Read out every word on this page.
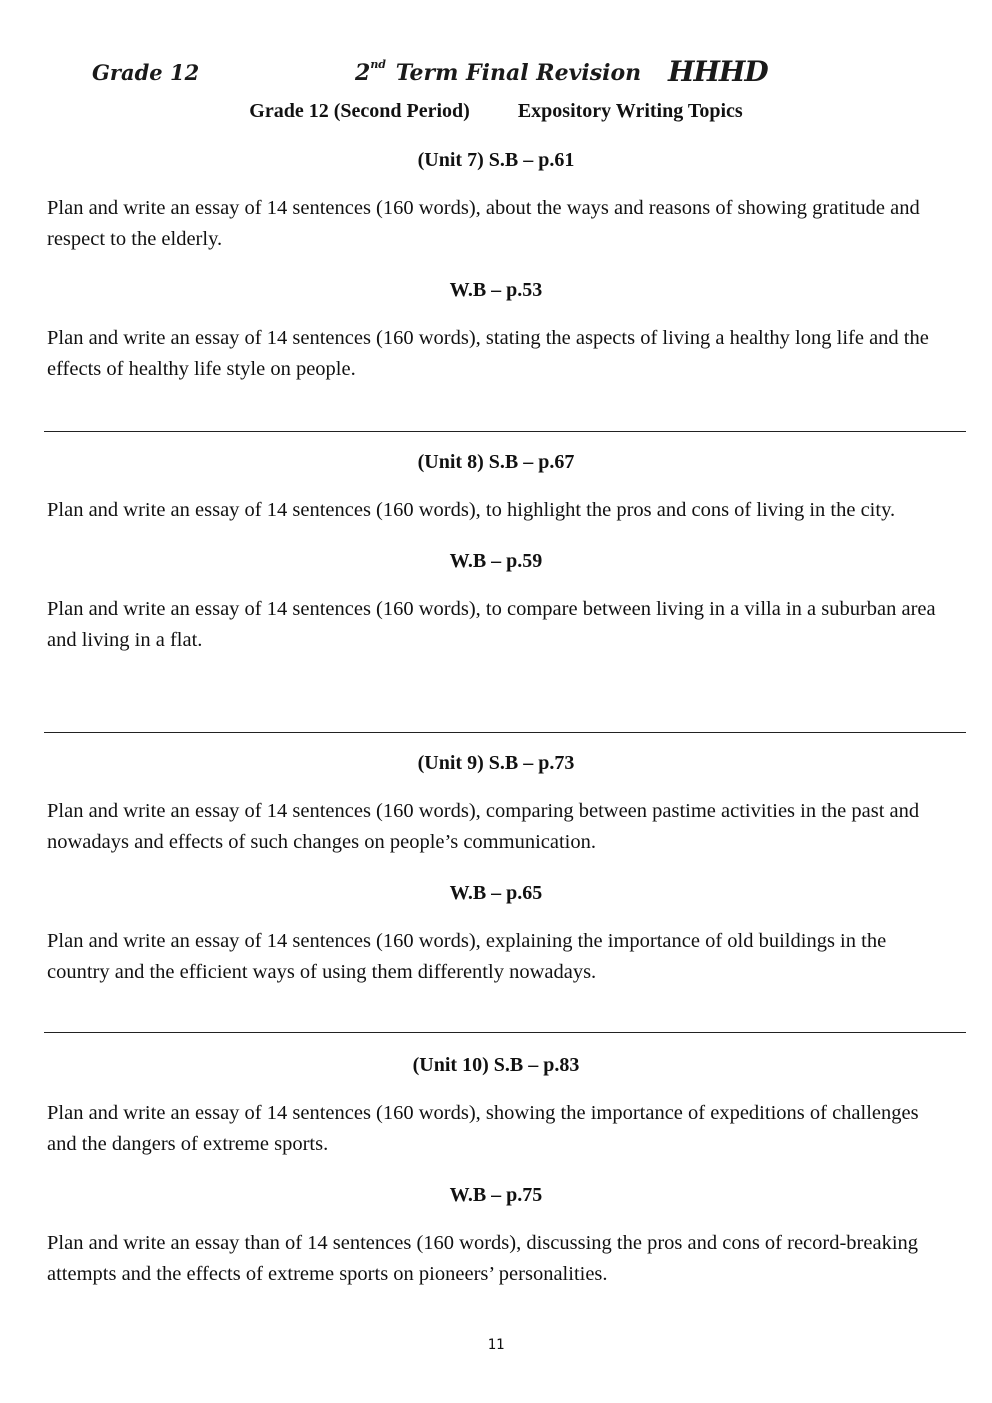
Grade 12	2nd Term Final Revision HHHD
Grade 12 (Second Period) Expository Writing Topics
(Unit 7) S.B – p.61

Plan and write an essay of 14 sentences (160 words), about the ways and reasons of showing gratitude and respect to the elderly.

W.B – p.53

Plan and write an essay of 14 sentences (160 words), stating the aspects of living a healthy long life and the effects of healthy life style on people.

(Unit 8) S.B – p.67

Plan and write an essay of 14 sentences (160 words), to highlight the pros and cons of living in the city.

W.B – p.59

Plan and write an essay of 14 sentences (160 words), to compare between living in a villa in a suburban area and living in a flat.

(Unit 9) S.B – p.73

Plan and write an essay of 14 sentences (160 words), comparing between pastime activities in the past and nowadays and effects of such changes on people’s communication.

W.B – p.65

Plan and write an essay of 14 sentences (160 words), explaining the importance of old buildings in the country and the efficient ways of using them differently nowadays.

(Unit 10) S.B – p.83

Plan and write an essay of 14 sentences (160 words), showing the importance of expeditions of challenges and the dangers of extreme sports.

W.B – p.75

Plan and write an essay than of 14 sentences (160 words), discussing the pros and cons of record-breaking attempts and the effects of extreme sports on pioneers’ personalities.

11
